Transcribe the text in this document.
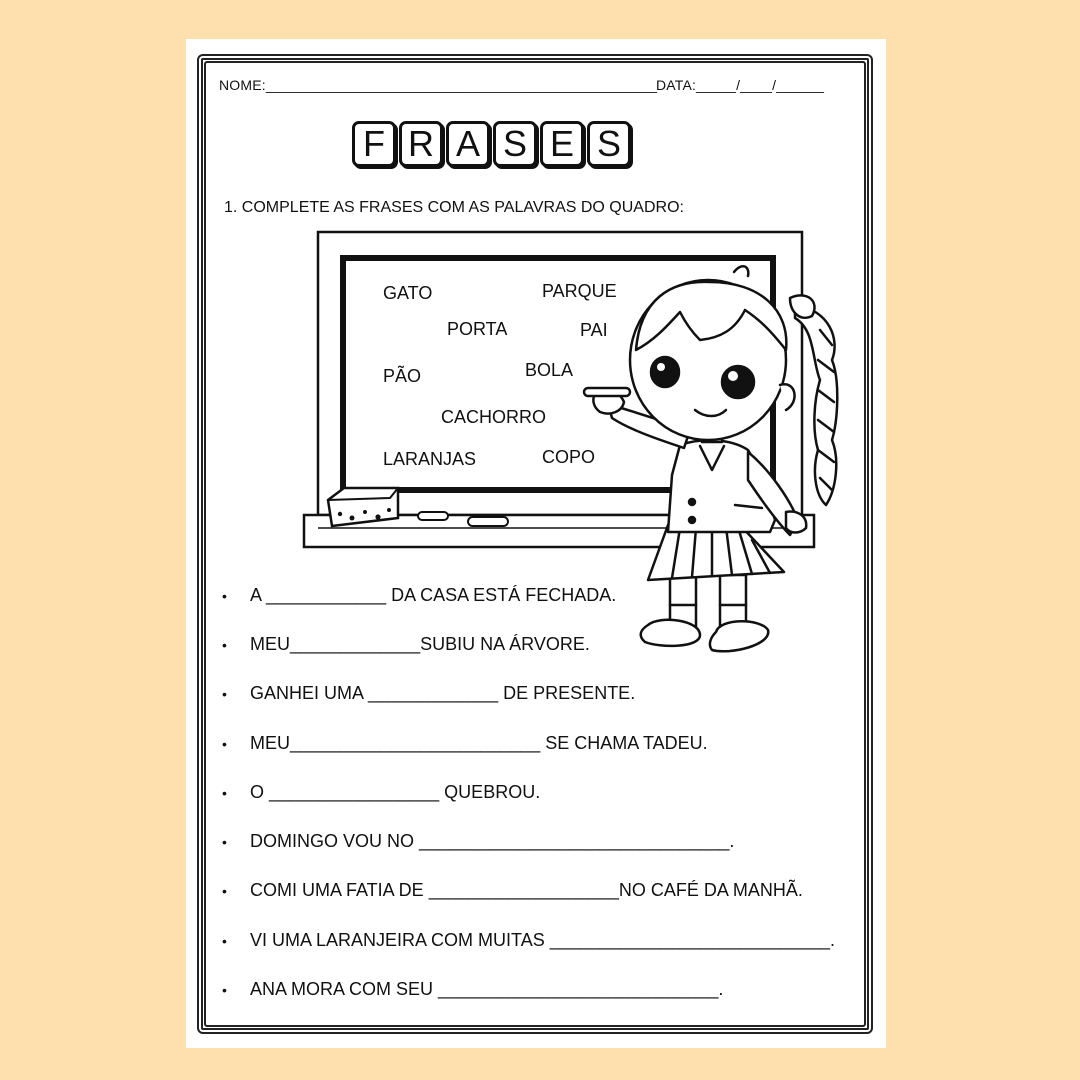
NOME:_________________________________________________
DATA:_____/____/______
F R A S E S
1. COMPLETE AS FRASES COM AS PALAVRAS DO QUADRO:
GATO	PARQUE
PORTA	PAI
PÃO	BOLA
CACHORRO
LARANJAS	COPO
• A ____________ DA CASA ESTÁ FECHADA.
• MEU_____________SUBIU NA ÁRVORE.
• GANHEI UMA _____________ DE PRESENTE.
• MEU_________________________ SE CHAMA TADEU.
• O _________________ QUEBROU.
• DOMINGO VOU NO _______________________________.
• COMI UMA FATIA DE ___________________NO CAFÉ DA MANHÃ.
• VI UMA LARANJEIRA COM MUITAS ____________________________.
• ANA MORA COM SEU ____________________________.
